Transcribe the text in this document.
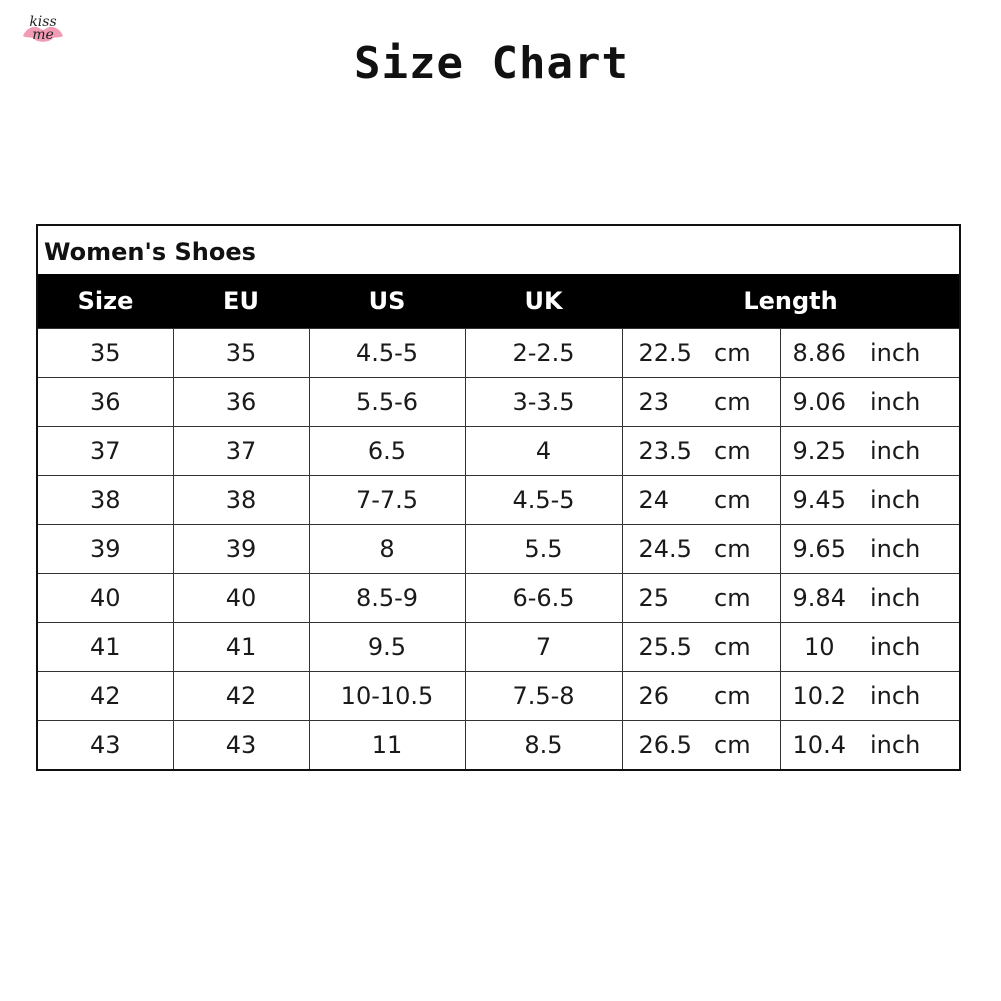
kiss
me
Size Chart
Women's Shoes
Size	EU	US	UK	Length			
35	35	4.5-5	2-2.5	22.5	cm	8.86	inch
36	36	5.5-6	3-3.5	23	cm	9.06	inch
37	37	6.5	4	23.5	cm	9.25	inch
38	38	7-7.5	4.5-5	24	cm	9.45	inch
39	39	8	5.5	24.5	cm	9.65	inch
40	40	8.5-9	6-6.5	25	cm	9.84	inch
41	41	9.5	7	25.5	cm	10	inch
42	42	10-10.5	7.5-8	26	cm	10.2	inch
43	43	11	8.5	26.5	cm	10.4	inch
